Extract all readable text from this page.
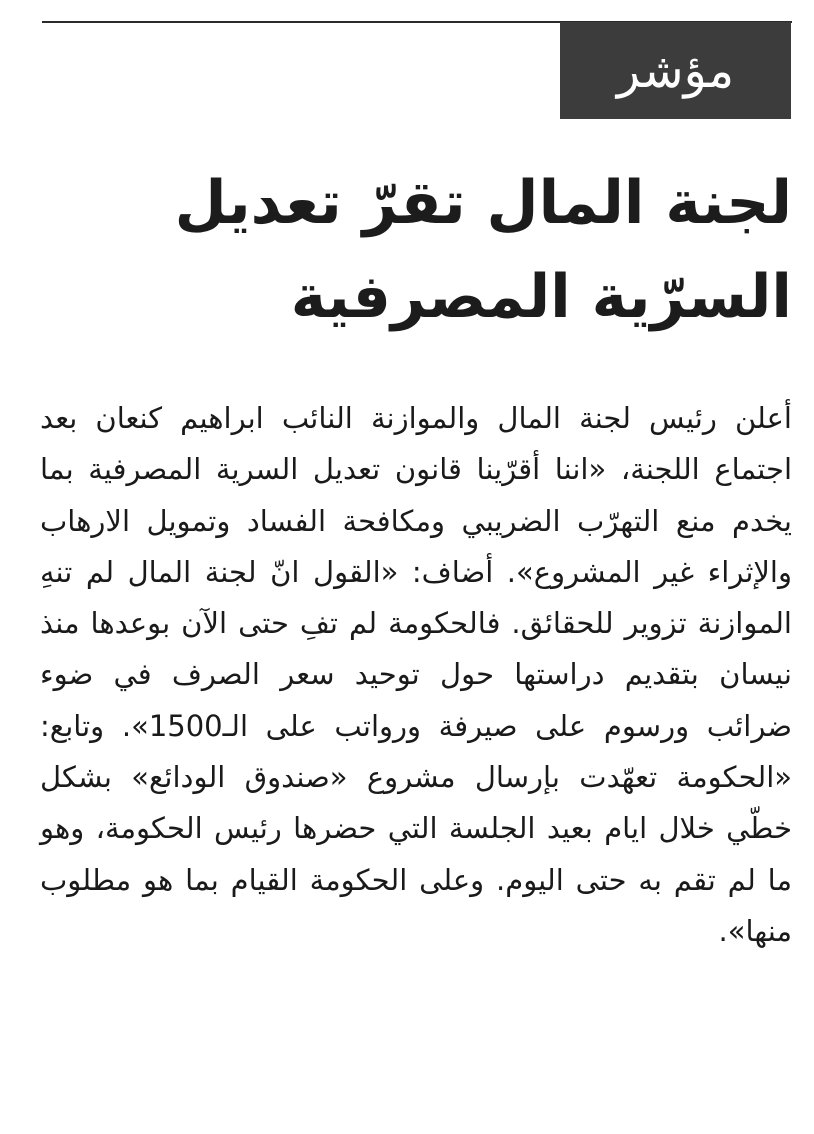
مؤشر
لجنة المال تقرّ تعديل
السرّية المصرفية

أعلن رئيس لجنة المال والموازنة النائب ابراهيم كنعان بعد اجتماع اللجنة، «اننا أقرّينا قانون تعديل السرية المصرفية بما يخدم منع التهرّب الضريبي ومكافحة الفساد وتمويل الارهاب والإثراء غير المشروع». أضاف: «القول انّ لجنة المال لم تنهِ الموازنة تزوير للحقائق. فالحكومة لم تفِ حتى الآن بوعدها منذ نيسان بتقديم دراستها حول توحيد سعر الصرف في ضوء ضرائب ورسوم على صيرفة ورواتب على الـ1500». وتابع: «الحكومة تعهّدت بإرسال مشروع «صندوق الودائع» بشكل خطّي خلال ايام بعيد الجلسة التي حضرها رئيس الحكومة، وهو ما لم تقم به حتى اليوم. وعلى الحكومة القيام بما هو مطلوب منها».
